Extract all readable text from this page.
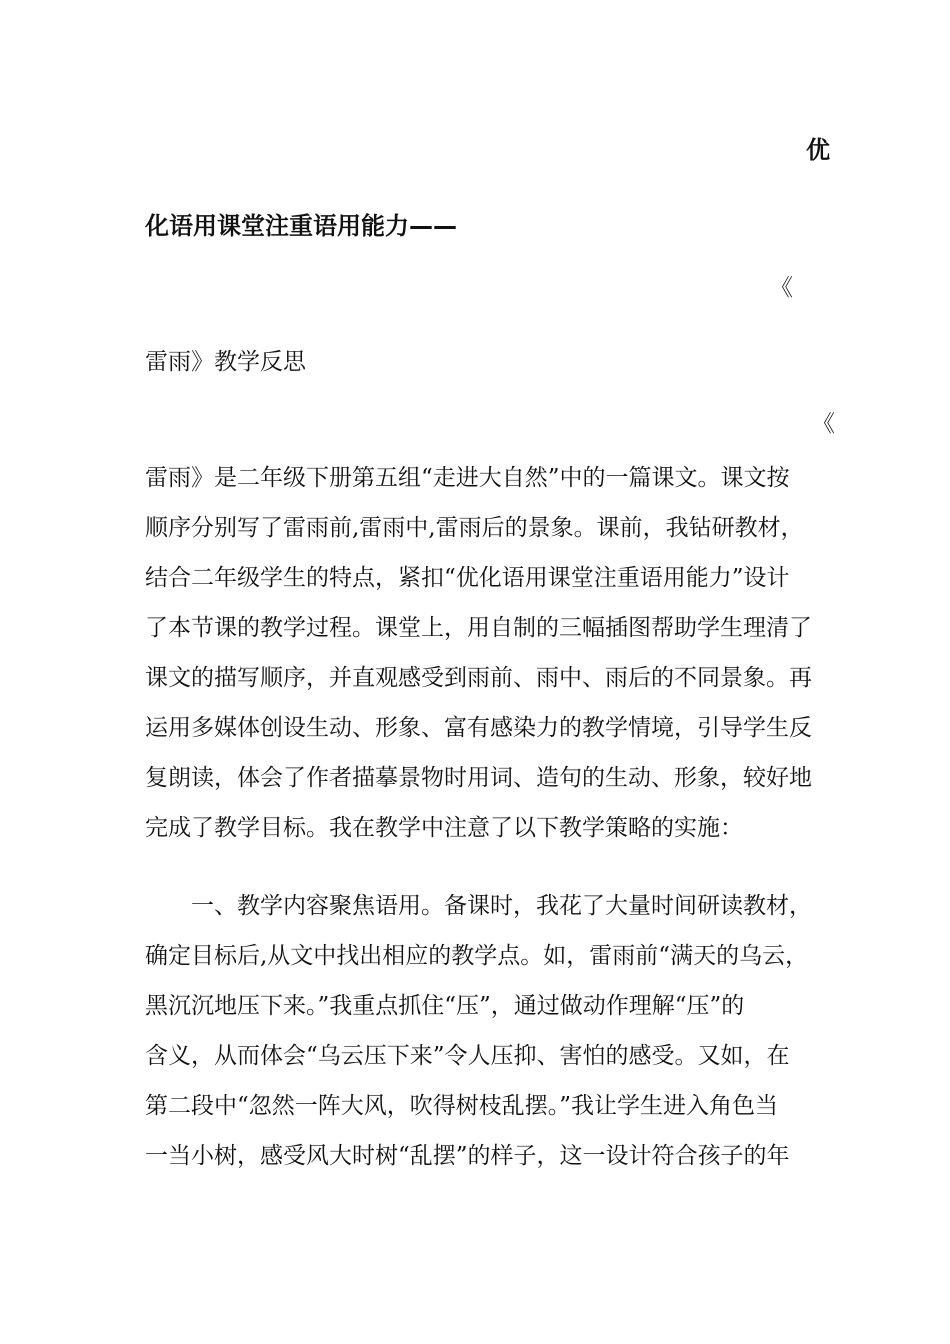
优
化语用课堂注重语用能力——
《
雷雨》教学反思
《
雷雨》是二年级下册第五组“走进大自然”中的一篇课文。课文按
顺序分别写了雷雨前,雷雨中,雷雨后的景象。课前，我钻研教材，
结合二年级学生的特点，紧扣“优化语用课堂注重语用能力”设计
了本节课的教学过程。课堂上，用自制的三幅插图帮助学生理清了
课文的描写顺序，并直观感受到雨前、雨中、雨后的不同景象。再
运用多媒体创设生动、形象、富有感染力的教学情境，引导学生反
复朗读，体会了作者描摹景物时用词、造句的生动、形象，较好地
完成了教学目标。我在教学中注意了以下教学策略的实施：
一、教学内容聚焦语用。备课时，我花了大量时间研读教材，
确定目标后,从文中找出相应的教学点。如，雷雨前“满天的乌云，
黑沉沉地压下来。”我重点抓住“压”，通过做动作理解“压”的
含义，从而体会“乌云压下来”令人压抑、害怕的感受。又如，在
第二段中“忽然一阵大风，吹得树枝乱摆。”我让学生进入角色当
一当小树，感受风大时树“乱摆”的样子，这一设计符合孩子的年
